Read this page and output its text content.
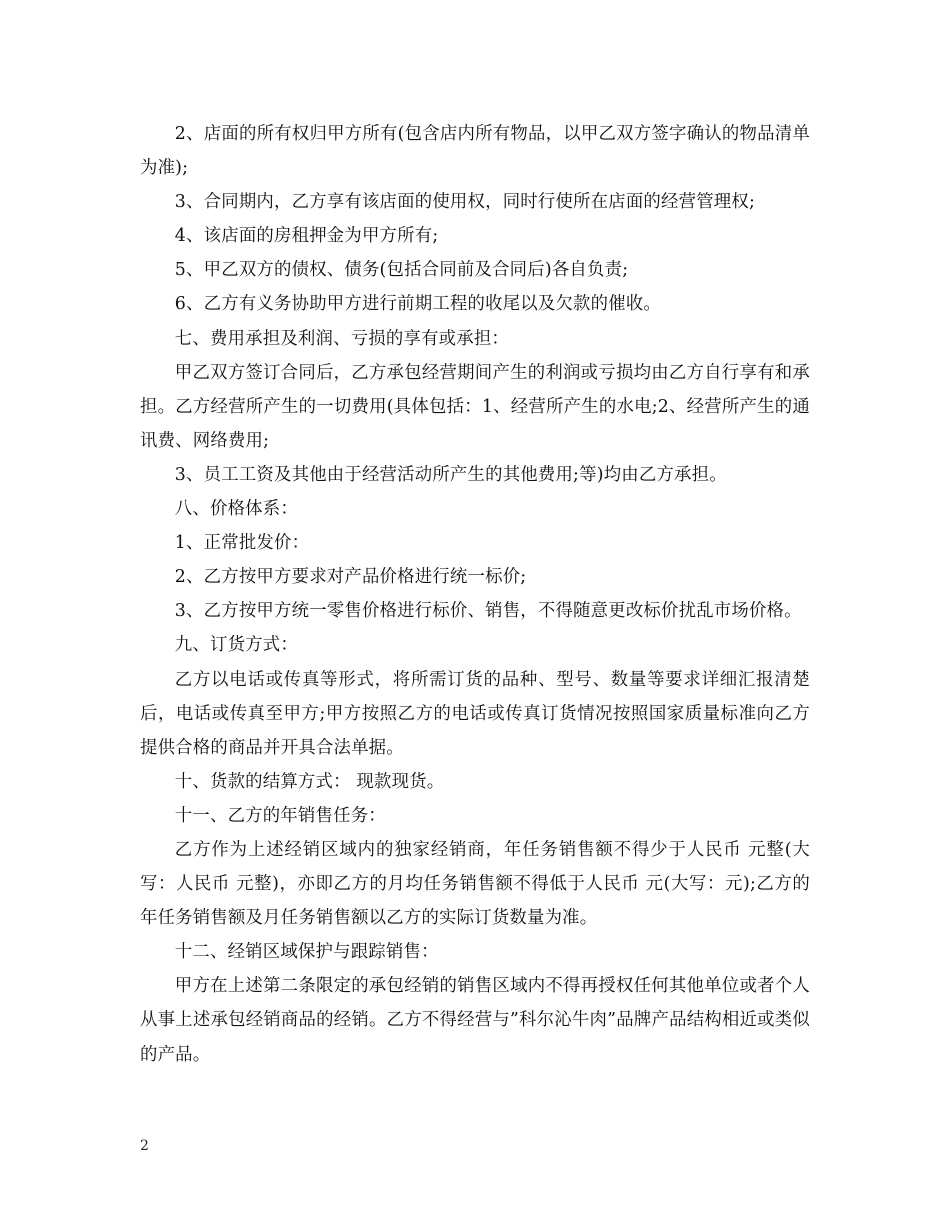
2、店面的所有权归甲方所有(包含店内所有物品，以甲乙双方签字确认的物品清单为准);

3、合同期内，乙方享有该店面的使用权，同时行使所在店面的经营管理权;

4、该店面的房租押金为甲方所有;

5、甲乙双方的债权、债务(包括合同前及合同后)各自负责;

6、乙方有义务协助甲方进行前期工程的收尾以及欠款的催收。

七、费用承担及利润、亏损的享有或承担：

甲乙双方签订合同后，乙方承包经营期间产生的利润或亏损均由乙方自行享有和承担。乙方经营所产生的一切费用(具体包括：1、经营所产生的水电;2、经营所产生的通讯费、网络费用;

3、员工工资及其他由于经营活动所产生的其他费用;等)均由乙方承担。

八、价格体系：

1、正常批发价：

2、乙方按甲方要求对产品价格进行统一标价;

3、乙方按甲方统一零售价格进行标价、销售，不得随意更改标价扰乱市场价格。

九、订货方式：

乙方以电话或传真等形式，将所需订货的品种、型号、数量等要求详细汇报清楚后，电话或传真至甲方;甲方按照乙方的电话或传真订货情况按照国家质量标准向乙方提供合格的商品并开具合法单据。

十、货款的结算方式： 现款现货。

十一、乙方的年销售任务：

乙方作为上述经销区域内的独家经销商，年任务销售额不得少于人民币 元整(大写：人民币 元整)，亦即乙方的月均任务销售额不得低于人民币 元(大写：元);乙方的年任务销售额及月任务销售额以乙方的实际订货数量为准。

十二、经销区域保护与跟踪销售：

甲方在上述第二条限定的承包经销的销售区域内不得再授权任何其他单位或者个人从事上述承包经销商品的经销。乙方不得经营与”科尔沁牛肉”品牌产品结构相近或类似的产品。

2
